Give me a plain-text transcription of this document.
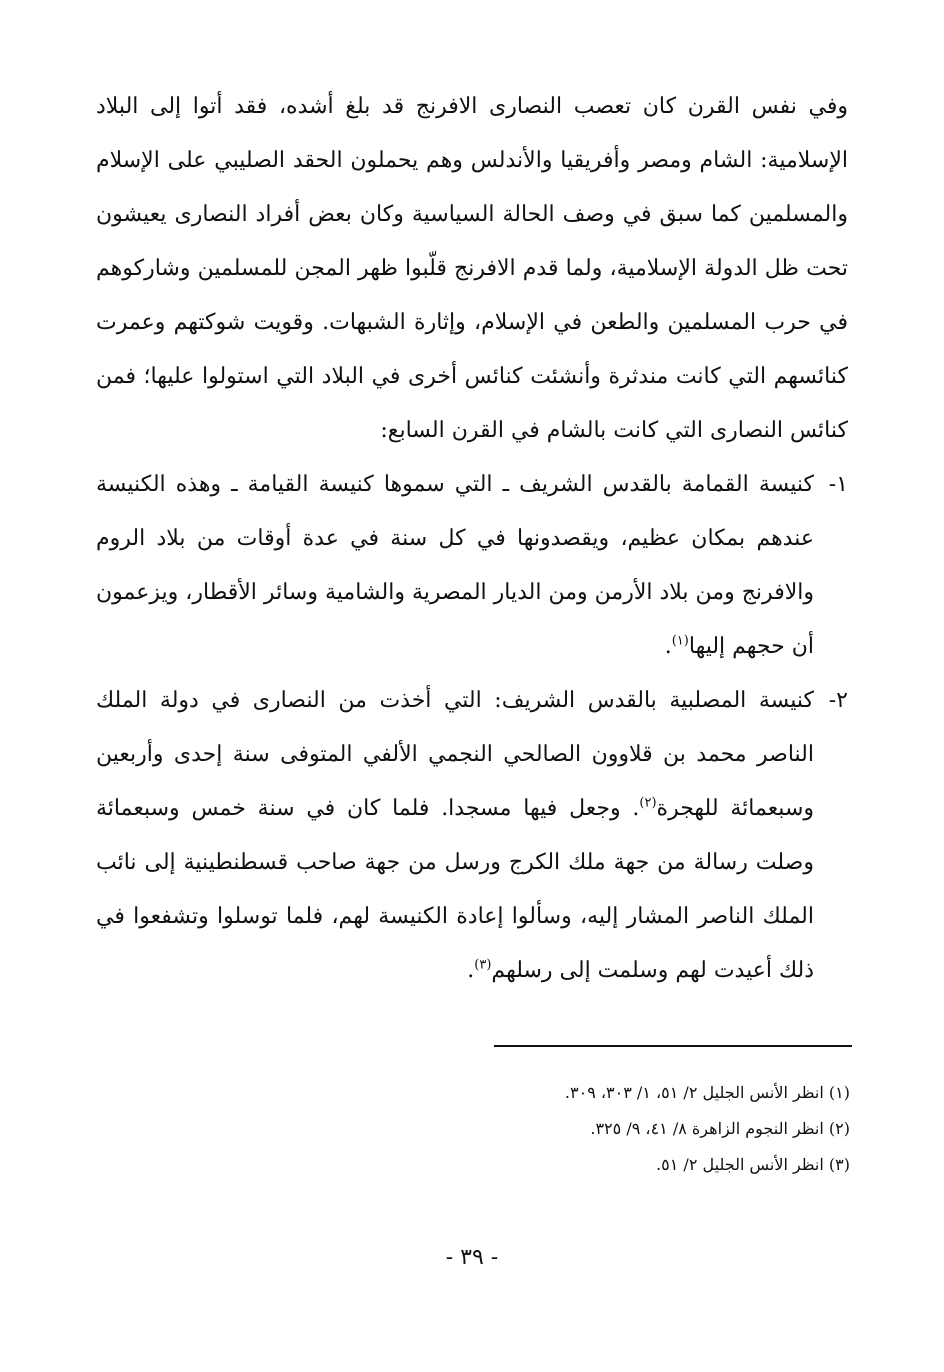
وفي نفس القرن كان تعصب النصارى الافرنج قد بلغ أشده، فقد أتوا إلى البلاد الإسلامية: الشام ومصر وأفريقيا والأندلس وهم يحملون الحقد الصليبي على الإسلام والمسلمين كما سبق في وصف الحالة السياسية وكان بعض أفراد النصارى يعيشون تحت ظل الدولة الإسلامية، ولما قدم الافرنج قلّبوا ظهر المجن للمسلمين وشاركوهم في حرب المسلمين والطعن في الإسلام، وإثارة الشبهات. وقويت شوكتهم وعمرت كنائسهم التي كانت مندثرة وأنشئت كنائس أخرى في البلاد التي استولوا عليها؛ فمن كنائس النصارى التي كانت بالشام في القرن السابع:

١-
كنيسة القمامة بالقدس الشريف ـ التي سموها كنيسة القيامة ـ وهذه الكنيسة عندهم بمكان عظيم، ويقصدونها في كل سنة في عدة أوقات من بلاد الروم والافرنج ومن بلاد الأرمن ومن الديار المصرية والشامية وسائر الأقطار، ويزعمون أن حجهم إليها$^{(١)}$.

٢-
كنيسة المصلبية بالقدس الشريف: التي أخذت من النصارى في دولة الملك الناصر محمد بن قلاوون الصالحي النجمي الألفي المتوفى سنة إحدى وأربعين وسبعمائة للهجرة$^{(٢)}$. وجعل فيها مسجدا. فلما كان في سنة خمس وسبعمائة وصلت رسالة من جهة ملك الكرج ورسل من جهة صاحب قسطنطينية إلى نائب الملك الناصر المشار إليه، وسألوا إعادة الكنيسة لهم، فلما توسلوا وتشفعوا في ذلك أعيدت لهم وسلمت إلى رسلهم$^{(٣)}$.

(١) انظر الأنس الجليل ٢/ ٥١، ١/ ٣٠٣، ٣٠٩.
(٢) انظر النجوم الزاهرة ٨/ ٤١، ٩/ ٣٢٥.
(٣) انظر الأنس الجليل ٢/ ٥١.
- ٣٩ -
